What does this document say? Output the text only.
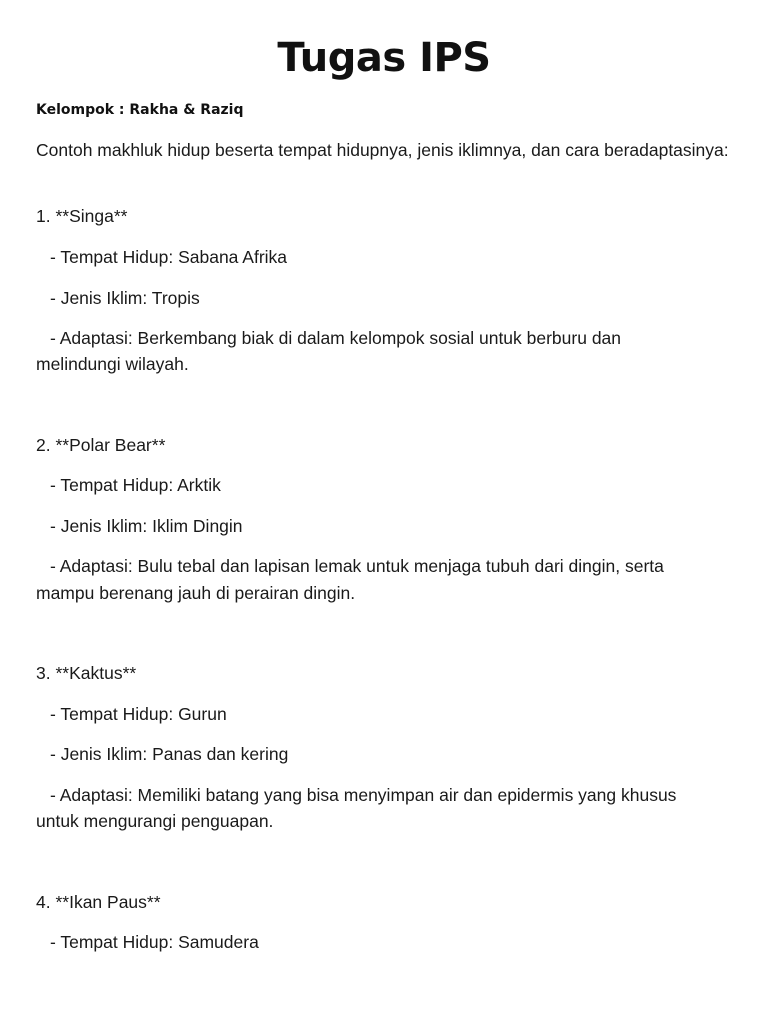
Tugas IPS
Kelompok : Rakha & Raziq
Contoh makhluk hidup beserta tempat hidupnya, jenis iklimnya, dan cara beradaptasinya:
1. **Singa**
- Tempat Hidup: Sabana Afrika
- Jenis Iklim: Tropis
- Adaptasi: Berkembang biak di dalam kelompok sosial untuk berburu dan
melindungi wilayah.
2. **Polar Bear**
- Tempat Hidup: Arktik
- Jenis Iklim: Iklim Dingin
- Adaptasi: Bulu tebal dan lapisan lemak untuk menjaga tubuh dari dingin, serta
mampu berenang jauh di perairan dingin.
3. **Kaktus**
- Tempat Hidup: Gurun
- Jenis Iklim: Panas dan kering
- Adaptasi: Memiliki batang yang bisa menyimpan air dan epidermis yang khusus
untuk mengurangi penguapan.
4. **Ikan Paus**
- Tempat Hidup: Samudera
